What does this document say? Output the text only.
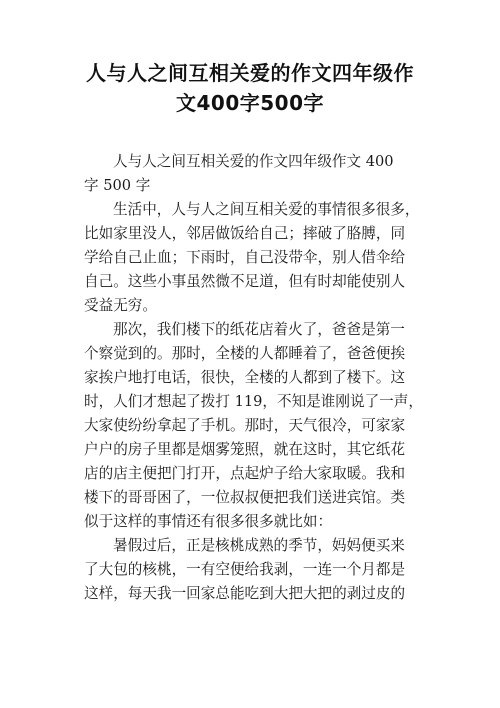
人与人之间互相关爱的作文四年级作
文400字500字
人与人之间互相关爱的作文四年级作文 400
字 500 字
生活中，人与人之间互相关爱的事情很多很多，
比如家里没人，邻居做饭给自己；摔破了胳膊，同
学给自己止血；下雨时，自己没带伞，别人借伞给
自己。这些小事虽然微不足道，但有时却能使别人
受益无穷。
那次，我们楼下的纸花店着火了，爸爸是第一
个察觉到的。那时，全楼的人都睡着了，爸爸便挨
家挨户地打电话，很快，全楼的人都到了楼下。这
时，人们才想起了拨打 119，不知是谁刚说了一声，
大家使纷纷拿起了手机。那时，天气很冷，可家家
户户的房子里都是烟雾笼照，就在这时，其它纸花
店的店主便把门打开，点起炉子给大家取暖。我和
楼下的哥哥困了，一位叔叔便把我们送进宾馆。类
似于这样的事情还有很多很多就比如：
暑假过后，正是核桃成熟的季节，妈妈便买来
了大包的核桃，一有空便给我剥，一连一个月都是
这样，每天我一回家总能吃到大把大把的剥过皮的
